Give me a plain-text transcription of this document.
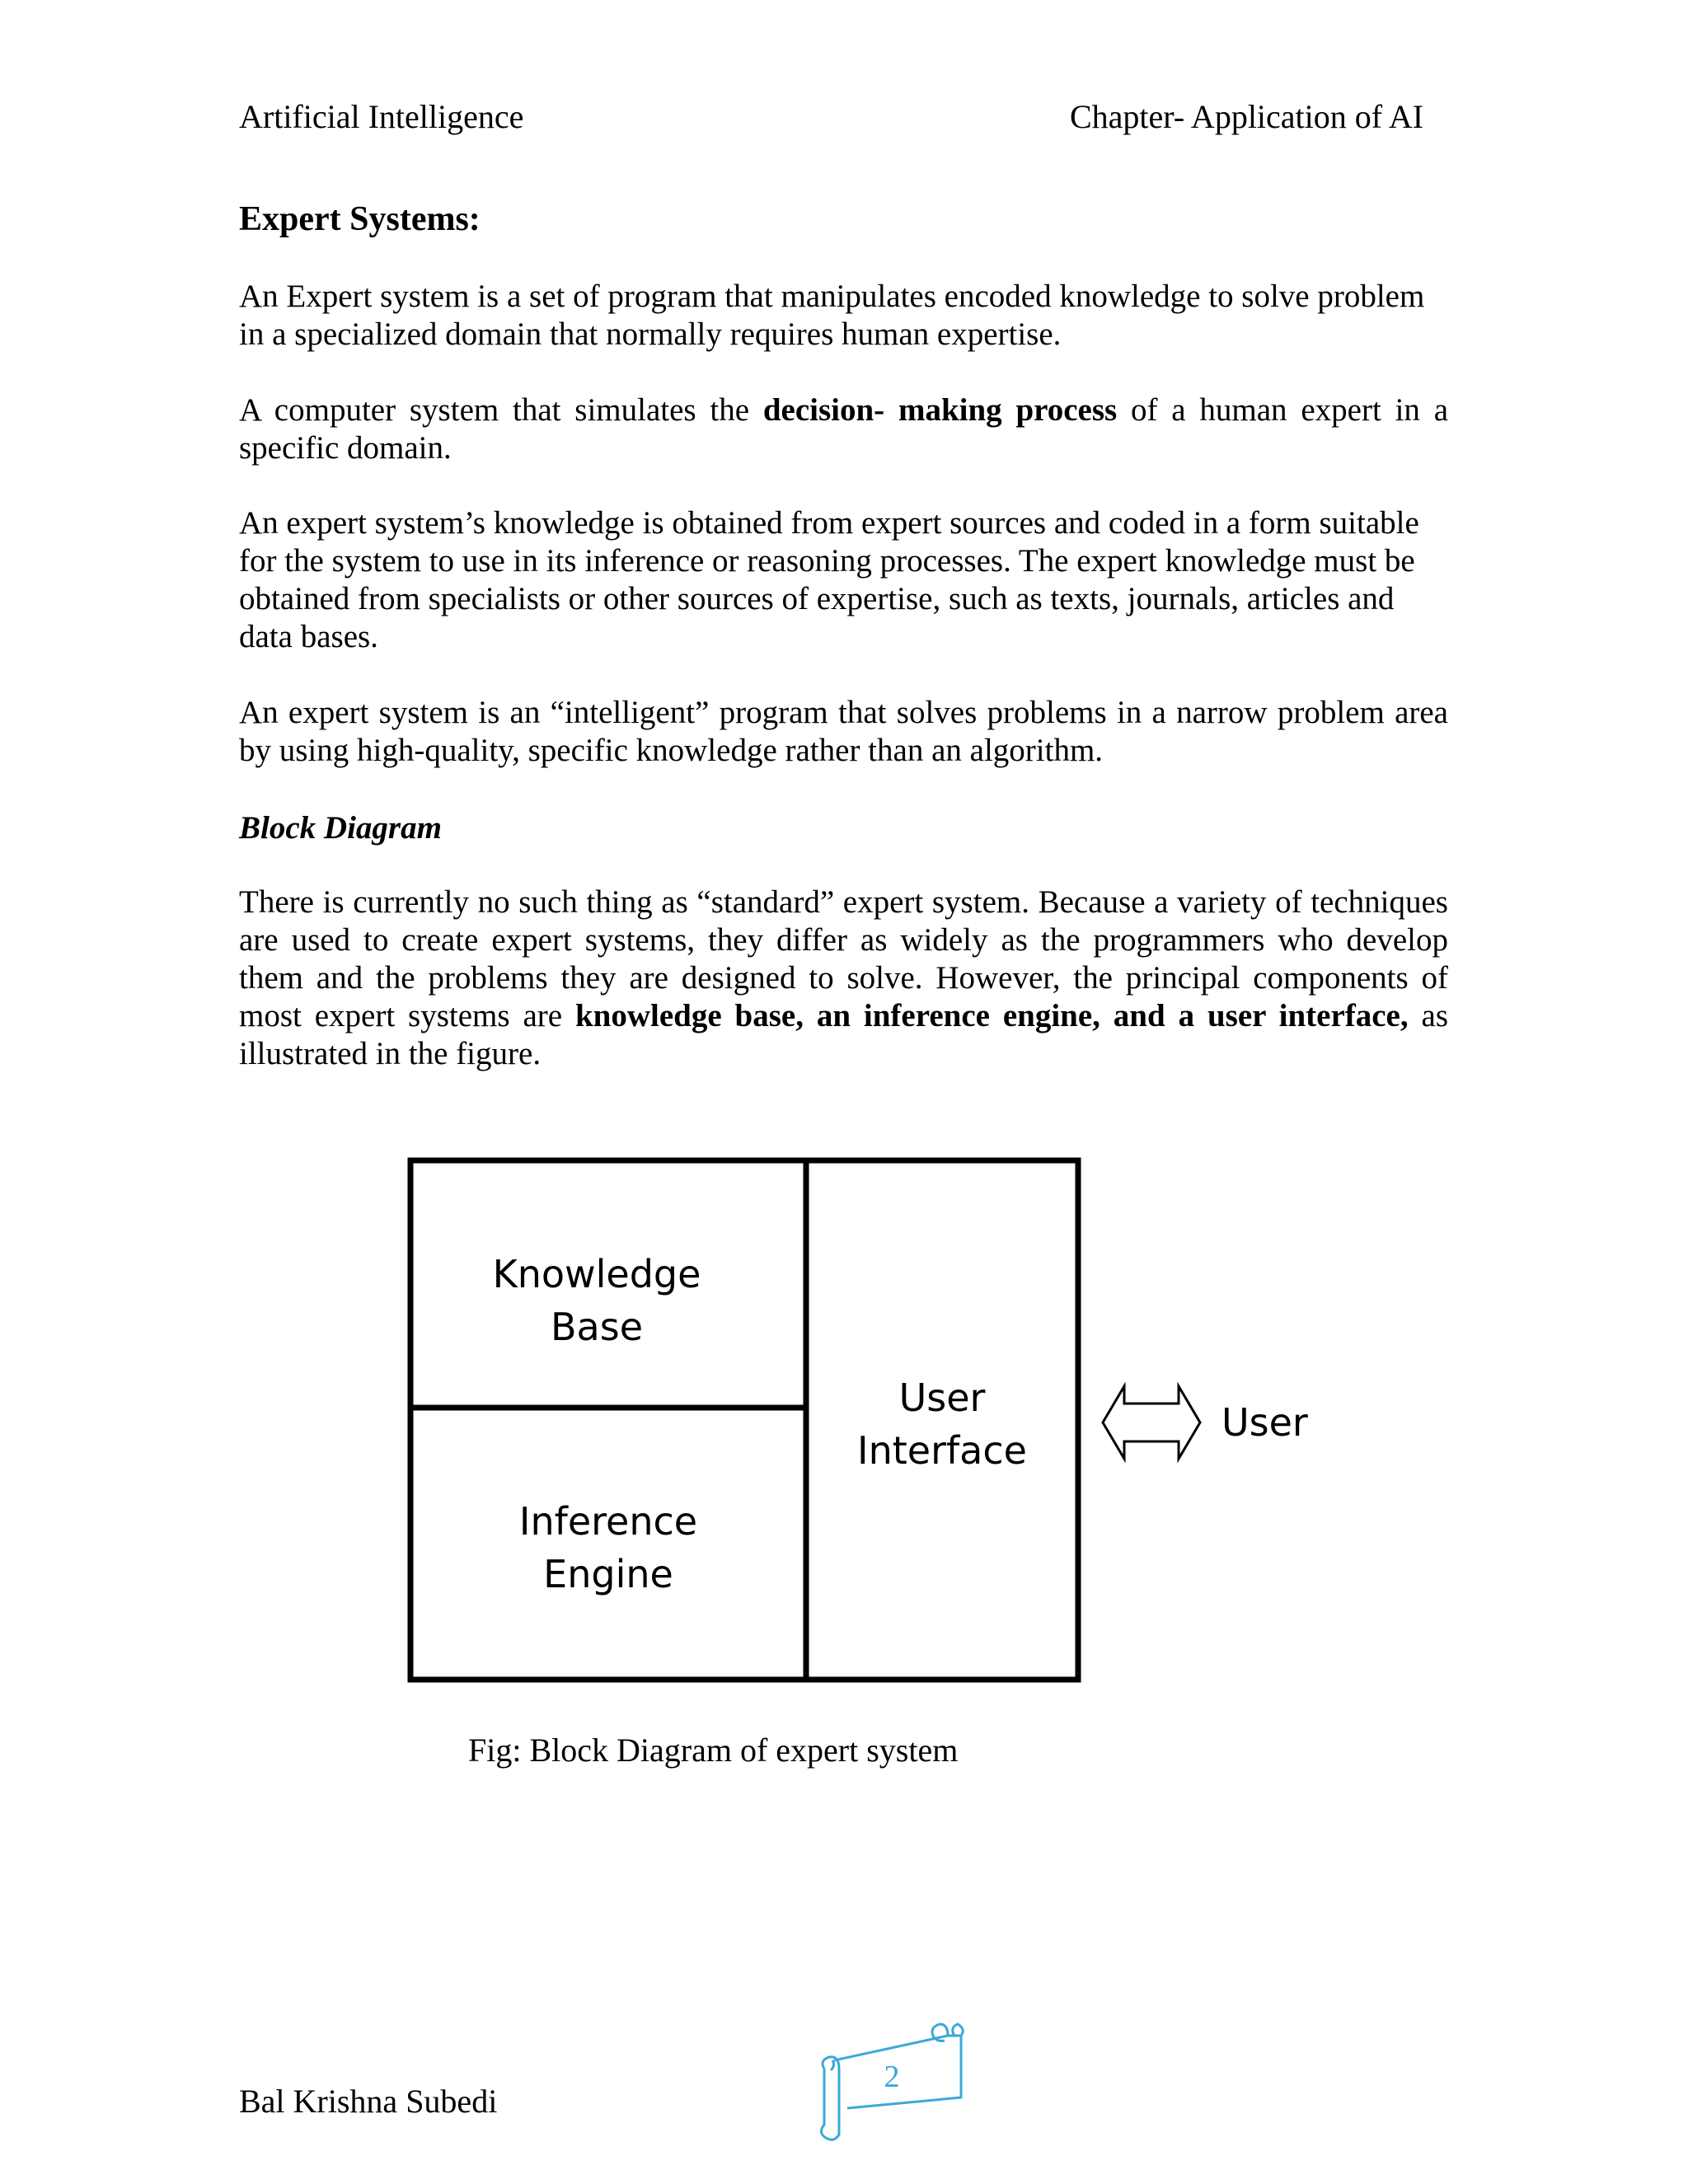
Artificial Intelligence	Chapter- Application of AI
Expert Systems:

An Expert system is a set of program that manipulates encoded knowledge to solve problem in a specialized domain that normally requires human expertise.

A computer system that simulates the decision- making process of a human expert in a specific domain.

An expert system’s knowledge is obtained from expert sources and coded in a form suitable for the system to use in its inference or reasoning processes. The expert knowledge must be obtained from specialists or other sources of expertise, such as texts, journals, articles and data bases.

An expert system is an “intelligent” program that solves problems in a narrow problem area by using high-quality, specific knowledge rather than an algorithm.

Block Diagram

There is currently no such thing as “standard” expert system. Because a variety of techniques are used to create expert systems, they differ as widely as the programmers who develop them and the problems they are designed to solve. However, the principal components of most expert systems are knowledge base, an inference engine, and a user interface, as illustrated in the figure.

Knowledge
Base
Inference
Engine
User
Interface
User

Fig: Block Diagram of expert system

Bal Krishna Subedi
2
